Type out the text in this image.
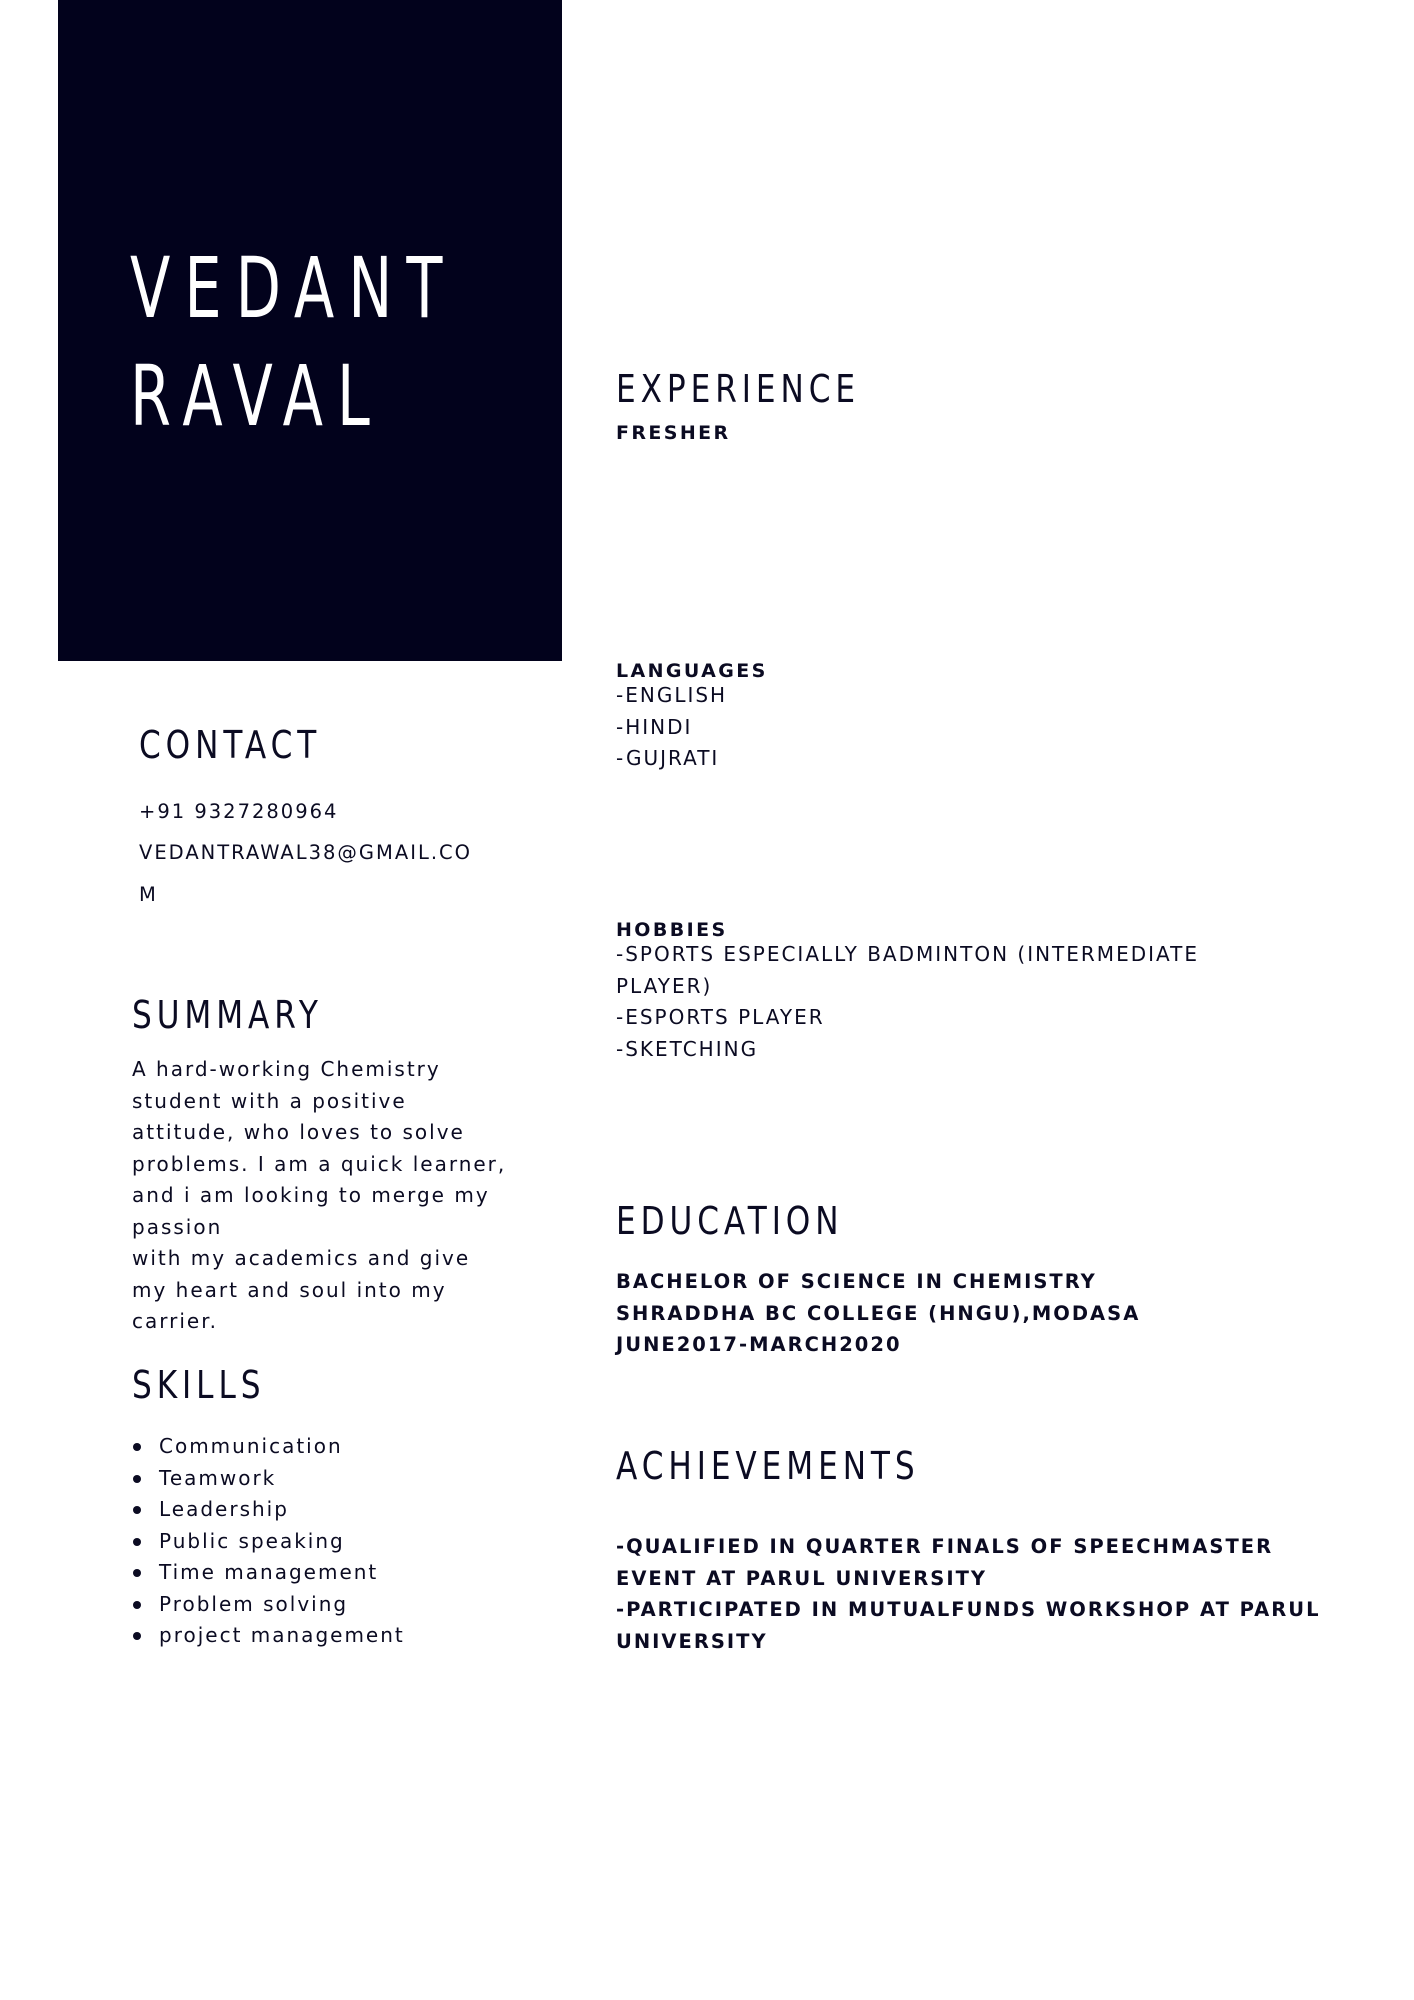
VEDANT
RAVAL
CONTACT
+91 9327280964
VEDANTRAWAL38@GMAIL.CO
M
SUMMARY
A hard-working Chemistry
student with a positive
attitude, who loves to solve
problems. I am a quick learner,
and i am looking to merge my
passion
with my academics and give
my heart and soul into my
carrier.
SKILLS
Communication
Teamwork
Leadership
Public speaking
Time management
Problem solving
project management
EXPERIENCE
FRESHER
LANGUAGES
-ENGLISH
-HINDI
-GUJRATI
HOBBIES
-SPORTS ESPECIALLY BADMINTON (INTERMEDIATE
PLAYER)
-ESPORTS PLAYER
-SKETCHING
EDUCATION
BACHELOR OF SCIENCE IN CHEMISTRY
SHRADDHA BC COLLEGE (HNGU),MODASA
JUNE2017-MARCH2020
ACHIEVEMENTS
-QUALIFIED IN QUARTER FINALS OF SPEECHMASTER
EVENT AT PARUL UNIVERSITY
-PARTICIPATED IN MUTUALFUNDS WORKSHOP AT PARUL
UNIVERSITY
